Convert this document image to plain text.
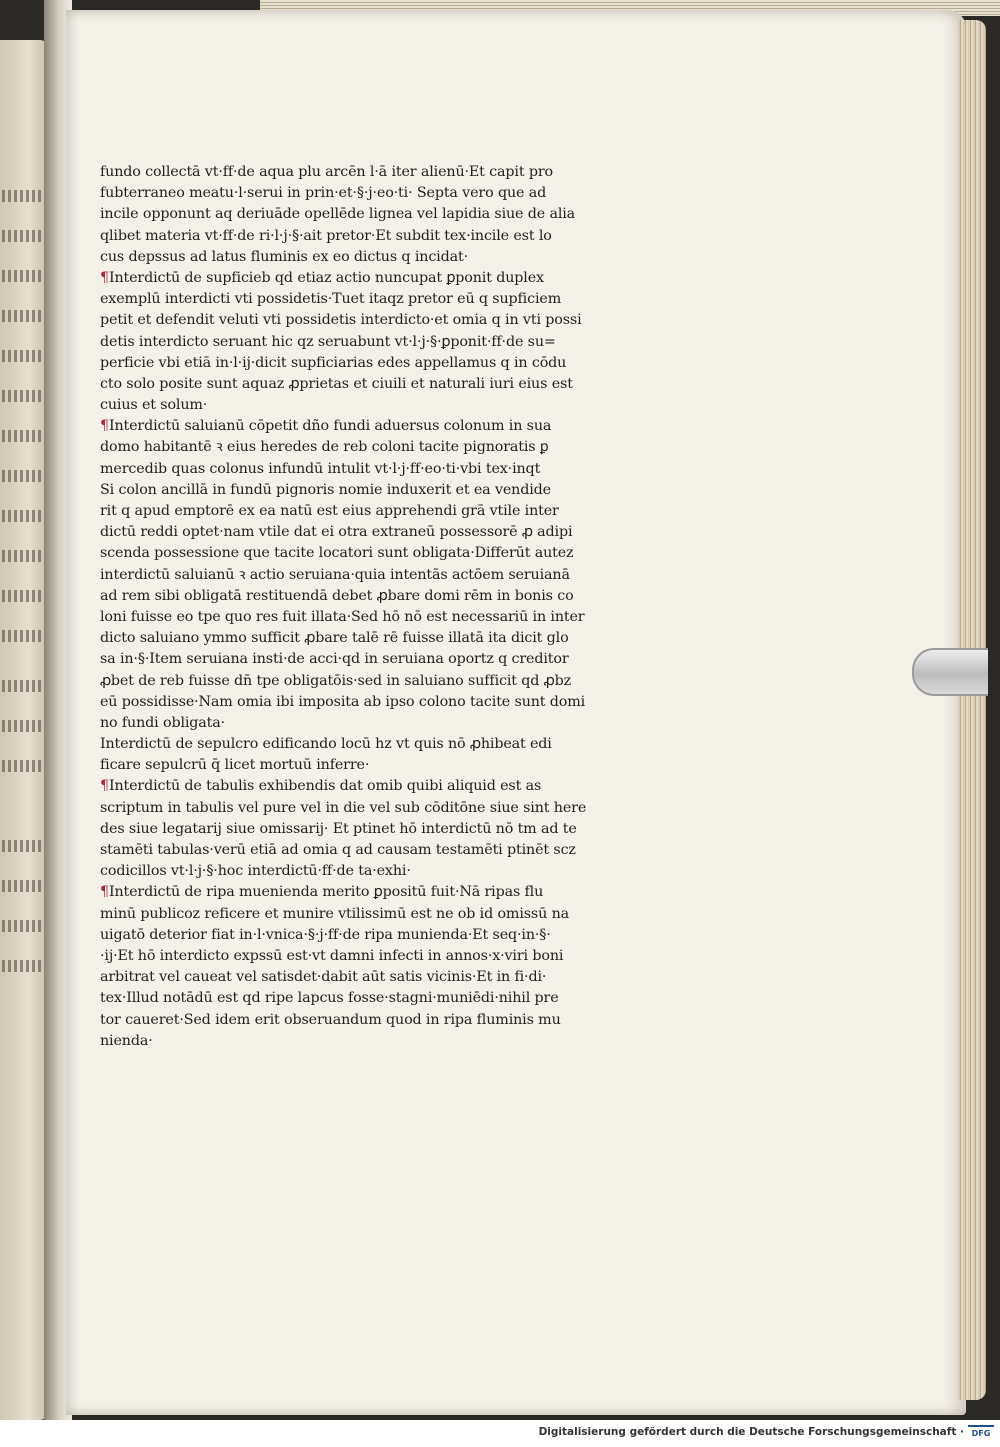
fundo collectā vt·ff·de aqua plu arcēn l·ā iter alienū·Et capit pro
fubterraneo meatu·l·serui in prin·et·§·j·eo·ti· Septa vero que ad
incile opponunt aq deriuāde opellēde lignea vel lapidia siue de alia
qlibet materia vt·ff·de ri·l·j·§·ait pretor·Et subdit tex·incile est lo
cus depssus ad latus fluminis ex eo dictus q incidat·
¶Interdictū de supficieb qd etiaz actio nuncupat ꝑponit duplex
exemplū interdicti vti possidetis·Tuet itaqz pretor eū q supficiem
petit et defendit veluti vti possidetis interdicto·et omia q in vti possi
detis interdicto seruant hic qz seruabunt vt·l·j·§·ꝑponit·ff·de su=
perficie vbi etiā in·l·ij·dicit supficiarias edes appellamus q in cōdu
cto solo posite sunt aquaz ꝓprietas et ciuili et naturali iuri eius est
cuius et solum·
¶Interdictū saluianū cōpetit dño fundi aduersus colonum in sua
domo habitantē ꝛ eius heredes de reb coloni tacite pignoratis ꝑ
mercedib quas colonus infundū intulit vt·l·j·ff·eo·ti·vbi tex·inqt
Si colon ancillā in fundū pignoris nomie induxerit et ea vendide
rit q apud emptorē ex ea natū est eius apprehendi grā vtile inter
dictū reddi optet·nam vtile dat ei otra extraneū possessorē ꝓ adipi
scenda possessione que tacite locatori sunt obligata·Differūt autez
interdictū saluianū ꝛ actio seruiana·quia intentās actōem seruianā
ad rem sibi obligatā restituendā debet ꝓbare domi rēm in bonis co
loni fuisse eo tpe quo res fuit illata·Sed hō nō est necessariū in inter
dicto saluiano ymmo sufficit ꝓbare talē rē fuisse illatā ita dicit glo
sa in·§·Item seruiana insti·de acci·qd in seruiana oportz q creditor
ꝓbet de reb fuisse dn̄ tpe obligatōis·sed in saluiano sufficit qd ꝓbz
eū possidisse·Nam omia ibi imposita ab ipso colono tacite sunt domi
no fundi obligata·
Interdictū de sepulcro edificando locū hz vt quis nō ꝓhibeat edi
ficare sepulcrū q̄ licet mortuū inferre·
¶Interdictū de tabulis exhibendis dat omib quibi aliquid est as
scriptum in tabulis vel pure vel in die vel sub cōditōne siue sint here
des siue legatarij siue omissarij· Et ptinet hō interdictū nō tm ad te
stamēti tabulas·verū etiā ad omia q ad causam testamēti ptinēt scz
codicillos vt·l·j·§·hoc interdictū·ff·de ta·exhi·
¶Interdictū de ripa muenienda merito ꝑpositū fuit·Nā ripas flu
minū publicoz reficere et munire vtilissimū est ne ob id omissū na
uigatō deterior fiat in·l·vnica·§·j·ff·de ripa munienda·Et seq·in·§·
·ij·Et hō interdicto expssū est·vt damni infecti in annos·x·viri boni
arbitrat vel caueat vel satisdet·dabit aūt satis vicinis·Et in fi·di·
tex·Illud notādū est qd ripe lapcus fosse·stagni·muniēdi·nihil pre
tor caueret·Sed idem erit obseruandum quod in ripa fluminis mu
nienda·
Digitalisierung gefördert durch die Deutsche Forschungsgemeinschaft · DFG
